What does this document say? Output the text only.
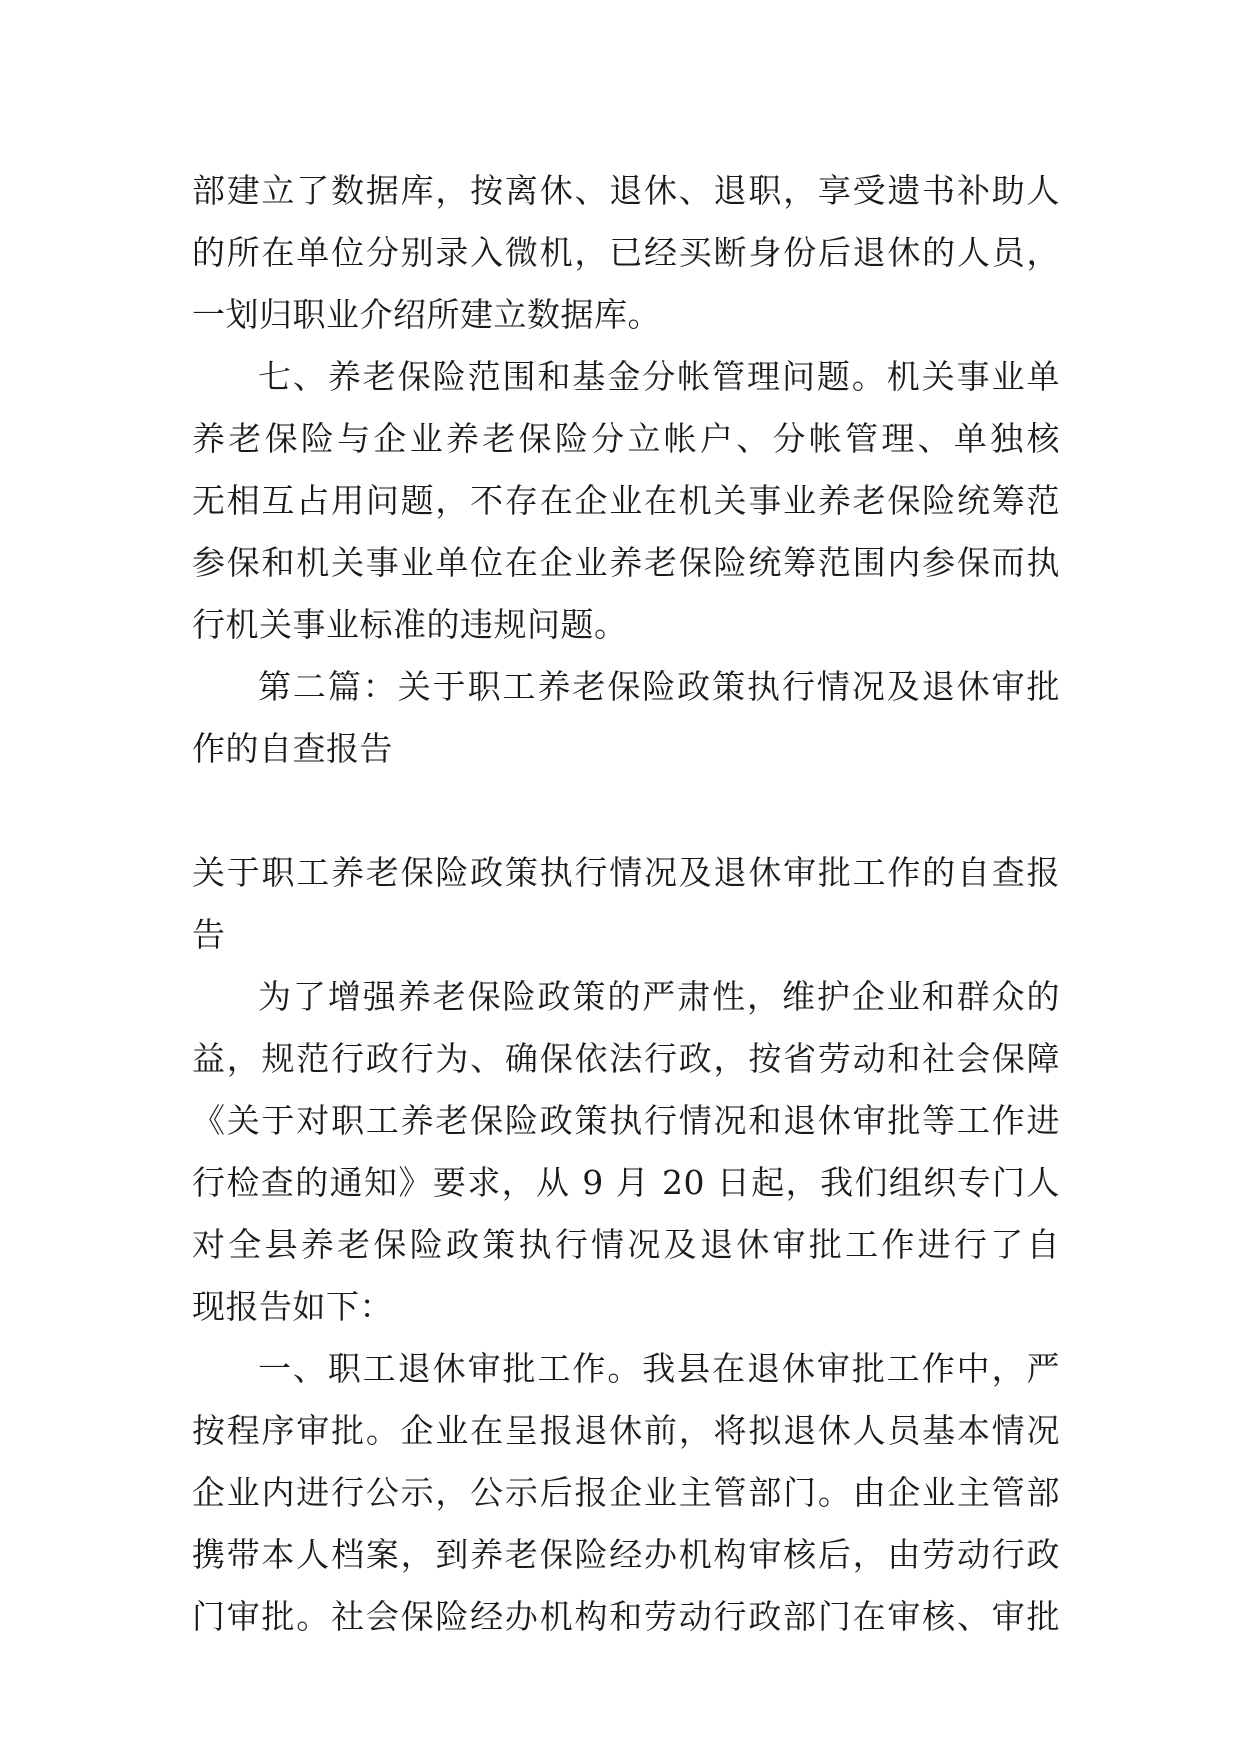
部建立了数据库，按离休、退休、退职，享受遗书补助人
的所在单位分别录入微机，已经买断身份后退休的人员，
一划归职业介绍所建立数据库。
七、养老保险范围和基金分帐管理问题。机关事业单
养老保险与企业养老保险分立帐户、分帐管理、单独核
无相互占用问题，不存在企业在机关事业养老保险统筹范
参保和机关事业单位在企业养老保险统筹范围内参保而执
行机关事业标准的违规问题。
第二篇：关于职工养老保险政策执行情况及退休审批
作的自查报告
关于职工养老保险政策执行情况及退休审批工作的自查报
告
为了增强养老保险政策的严肃性，维护企业和群众的
益，规范行政行为、确保依法行政，按省劳动和社会保障
《关于对职工养老保险政策执行情况和退休审批等工作进
行检查的通知》要求，从 9 月 20 日起，我们组织专门人
对全县养老保险政策执行情况及退休审批工作进行了自
现报告如下：
一、职工退休审批工作。我县在退休审批工作中，严
按程序审批。企业在呈报退休前，将拟退休人员基本情况
企业内进行公示，公示后报企业主管部门。由企业主管部
携带本人档案，到养老保险经办机构审核后，由劳动行政
门审批。社会保险经办机构和劳动行政部门在审核、审批
